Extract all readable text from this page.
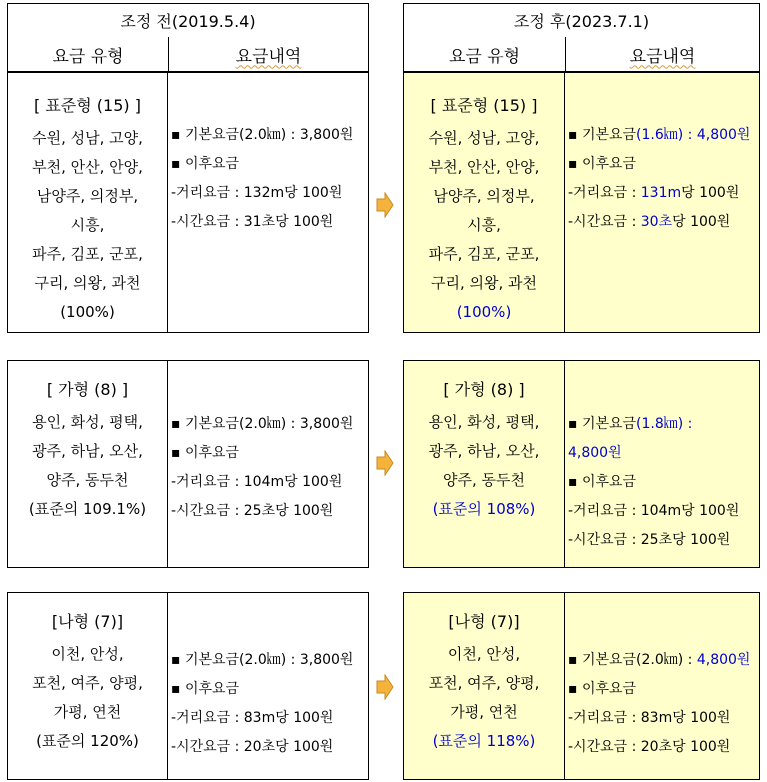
조정 전(2019.5.4)
요금 유형	요금내역
[ 표준형 (15) ]
수원, 성남, 고양,
부천, 안산, 안양,
남양주, 의정부,
시흥,
파주, 김포, 군포,
구리, 의왕, 과천
(100%)
▪ 기본요금(2.0㎞) : 3,800원
▪ 이후요금
-거리요금 : 132m당 100원
-시간요금 : 31초당 100원
조정 후(2023.7.1)
요금 유형	요금내역
[ 표준형 (15) ]
수원, 성남, 고양,
부천, 안산, 안양,
남양주, 의정부,
시흥,
파주, 김포, 군포,
구리, 의왕, 과천
(100%)
▪ 기본요금(1.6㎞) : 4,800원
▪ 이후요금
-거리요금 : 131m당 100원
-시간요금 : 30초당 100원
[ 가형 (8) ]
용인, 화성, 평택,
광주, 하남, 오산,
양주, 동두천
(표준의 109.1%)
▪ 기본요금(2.0㎞) : 3,800원
▪ 이후요금
-거리요금 : 104m당 100원
-시간요금 : 25초당 100원
[ 가형 (8) ]
용인, 화성, 평택,
광주, 하남, 오산,
양주, 동두천
(표준의 108%)
▪ 기본요금(1.8㎞) :
4,800원
▪ 이후요금
-거리요금 : 104m당 100원
-시간요금 : 25초당 100원
[나형 (7)]
이천, 안성,
포천, 여주, 양평,
가평, 연천
(표준의 120%)
▪ 기본요금(2.0㎞) : 3,800원
▪ 이후요금
-거리요금 : 83m당 100원
-시간요금 : 20초당 100원
[나형 (7)]
이천, 안성,
포천, 여주, 양평,
가평, 연천
(표준의 118%)
▪ 기본요금(2.0㎞) : 4,800원
▪ 이후요금
-거리요금 : 83m당 100원
-시간요금 : 20초당 100원
